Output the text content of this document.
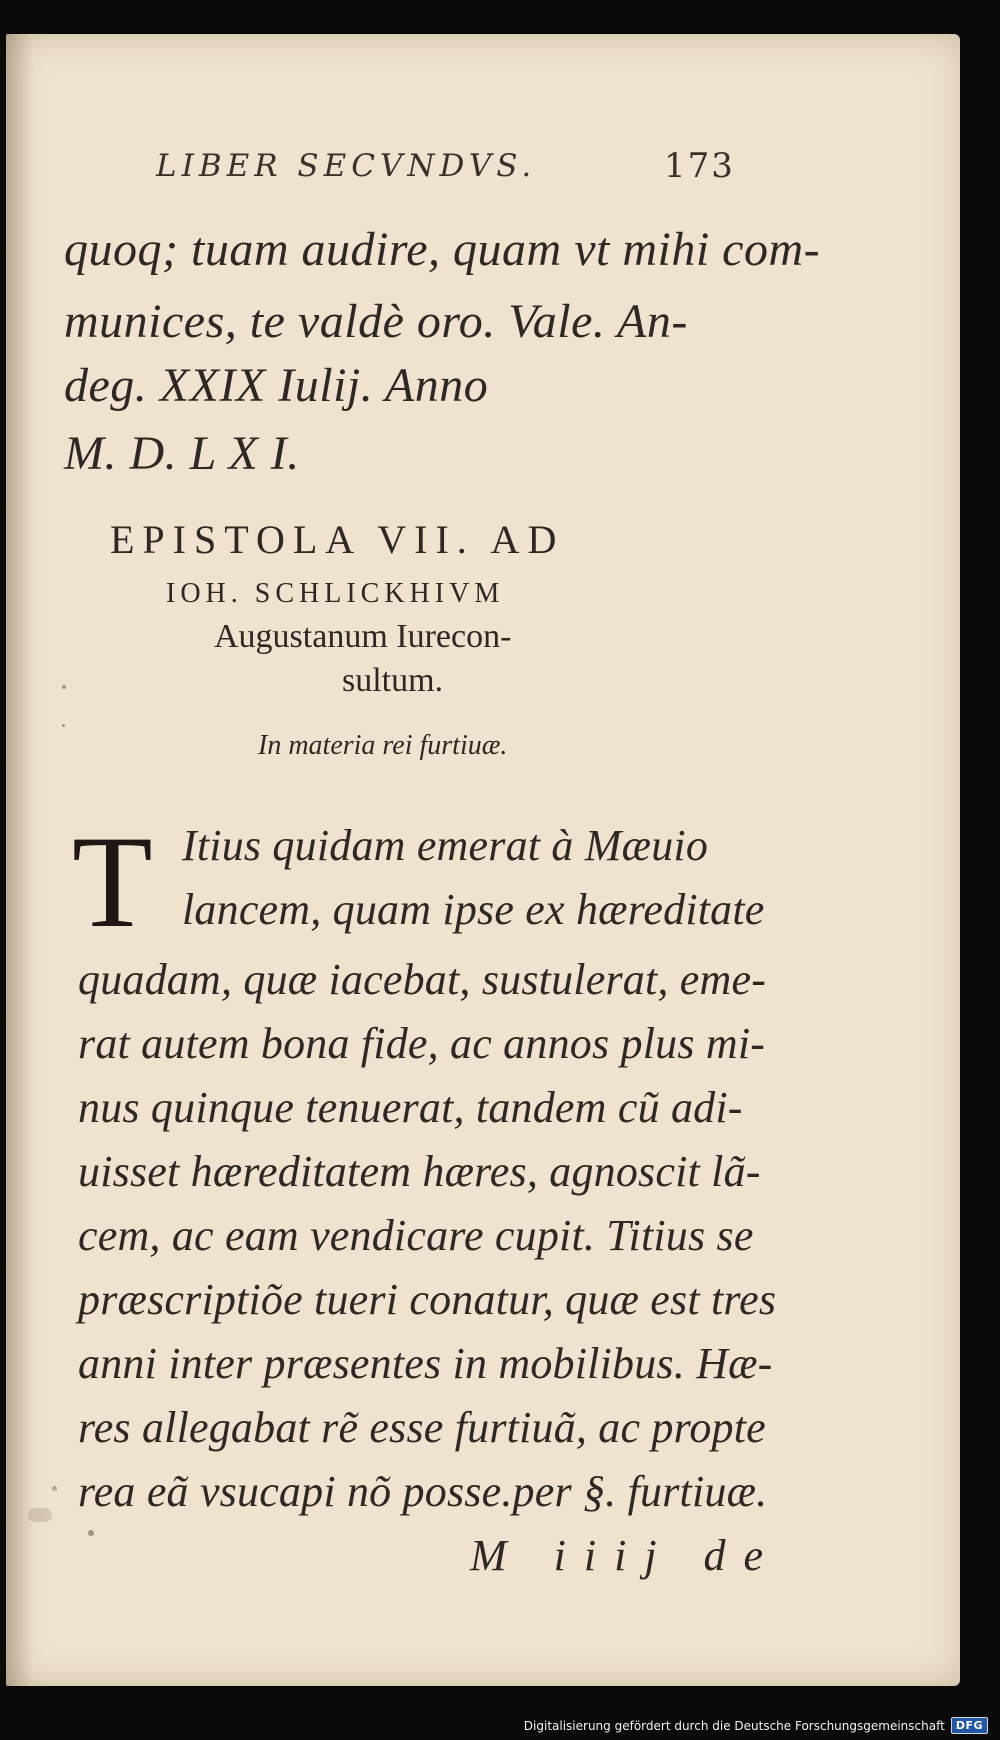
LIBER SECVNDVS.	173
quoq; tuam audire, quam vt mihi com-
munices, te valdè oro. Vale. An-
deg. XXIX Iulij. Anno
M. D. L X I.
EPISTOLA VII. AD
IOH. SCHLICKHIVM
Augustanum Iurecon-
sultum.
In materia rei furtiuæ.
T Itius quidam emerat à Mæuio
lancem, quam ipse ex hæreditate
quadam, quæ iacebat, sustulerat, eme-
rat autem bona fide, ac annos plus mi-
nus quinque tenuerat, tandem cũ adi-
uisset hæreditatem hæres, agnoscit lã-
cem, ac eam vendicare cupit. Titius se
præscriptiõe tueri conatur, quæ est tres
anni inter præsentes in mobilibus. Hæ-
res allegabat rẽ esse furtiuã, ac propte
rea eã vsucapi nõ posse.per §. furtiuæ.
M iiij de
Digitalisierung gefördert durch die Deutsche Forschungsgemeinschaft	DFG
